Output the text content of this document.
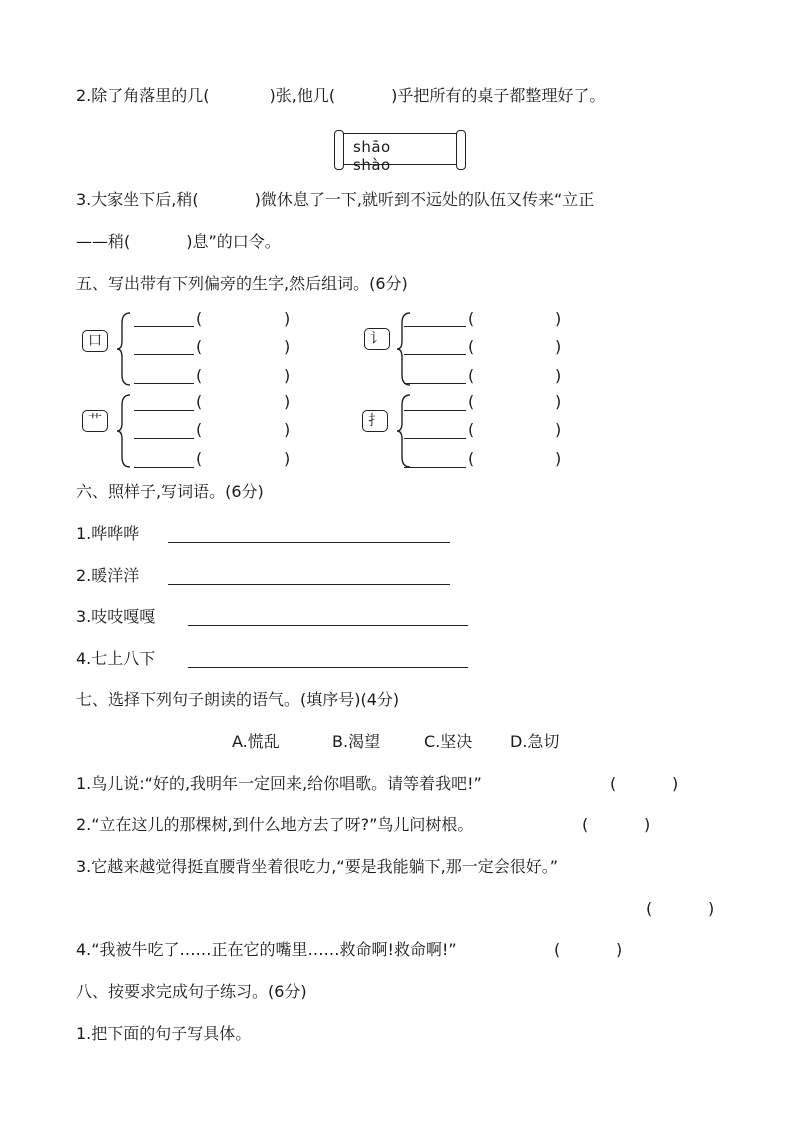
2.除了角落里的几(	)张,他几(	)乎把所有的桌子都整理好了。
shāo  shào
3.大家坐下后,稍(	)微休息了一下,就听到不远处的队伍又传来“立正
——稍(	)息”的口令。
五、写出带有下列偏旁的生字,然后组词。(6分)
口
(	)
(	)
(	)
讠
(	)
(	)
(	)
艹
(	)
(	)
(	)
扌
(	)
(	)
(	)
六、照样子,写词语。(6分)
1.哗哗哗
2.暖洋洋
3.吱吱嘎嘎
4.七上八下
七、选择下列句子朗读的语气。(填序号)(4分)
A.慌乱	B.渴望	C.坚决 D.急切
1.鸟儿说:“好的,我明年一定回来,给你唱歌。请等着我吧!”	(	)
2.“立在这儿的那棵树,到什么地方去了呀?”鸟儿问树根。	(	)
3.它越来越觉得挺直腰背坐着很吃力,“要是我能躺下,那一定会很好。”
(	)
4.“我被牛吃了……正在它的嘴里……救命啊!救命啊!”	(	)
八、按要求完成句子练习。(6分)
1.把下面的句子写具体。
